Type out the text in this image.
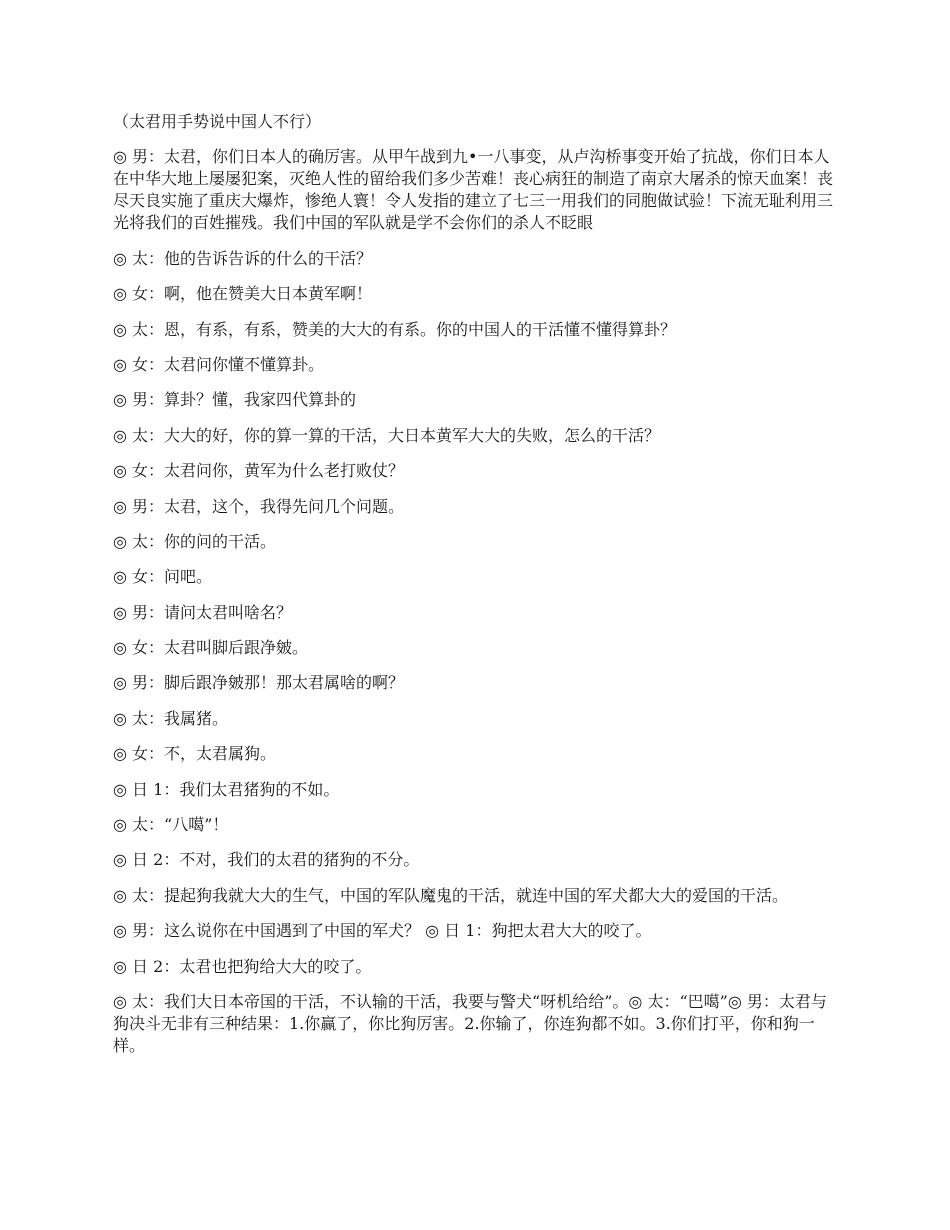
（太君用手势说中国人不行）

◎ 男：太君，你们日本人的确厉害。从甲午战到九•一八事变，从卢沟桥事变开始了抗战，你们日本人在中华大地上屡屡犯案，灭绝人性的留给我们多少苦难！丧心病狂的制造了南京大屠杀的惊天血案！丧尽天良实施了重庆大爆炸，惨绝人寰！令人发指的建立了七三一用我们的同胞做试验！下流无耻利用三光将我们的百姓摧残。我们中国的军队就是学不会你们的杀人不眨眼

◎ 太：他的告诉告诉的什么的干活？

◎ 女：啊，他在赞美大日本黄军啊！

◎ 太：恩，有系，有系，赞美的大大的有系。你的中国人的干活懂不懂得算卦？

◎ 女：太君问你懂不懂算卦。

◎ 男：算卦？懂，我家四代算卦的

◎ 太：大大的好，你的算一算的干活，大日本黄军大大的失败，怎么的干活？

◎ 女：太君问你，黄军为什么老打败仗？

◎ 男：太君，这个，我得先问几个问题。

◎ 太：你的问的干活。

◎ 女：问吧。

◎ 男：请问太君叫啥名？

◎ 女：太君叫脚后跟净皴。

◎ 男：脚后跟净皴那！那太君属啥的啊？

◎ 太：我属猪。

◎ 女：不，太君属狗。

◎ 日 1：我们太君猪狗的不如。

◎ 太：“八噶”！

◎ 日 2：不对，我们的太君的猪狗的不分。

◎ 太：提起狗我就大大的生气，中国的军队魔鬼的干活，就连中国的军犬都大大的爱国的干活。

◎ 男：这么说你在中国遇到了中国的军犬？ ◎ 日 1：狗把太君大大的咬了。

◎ 日 2：太君也把狗给大大的咬了。

◎ 太：我们大日本帝国的干活，不认输的干活，我要与警犬“呀机给给”。◎ 太：“巴噶”◎ 男：太君与狗决斗无非有三种结果：1.你赢了，你比狗厉害。2.你输了，你连狗都不如。3.你们打平，你和狗一样。
